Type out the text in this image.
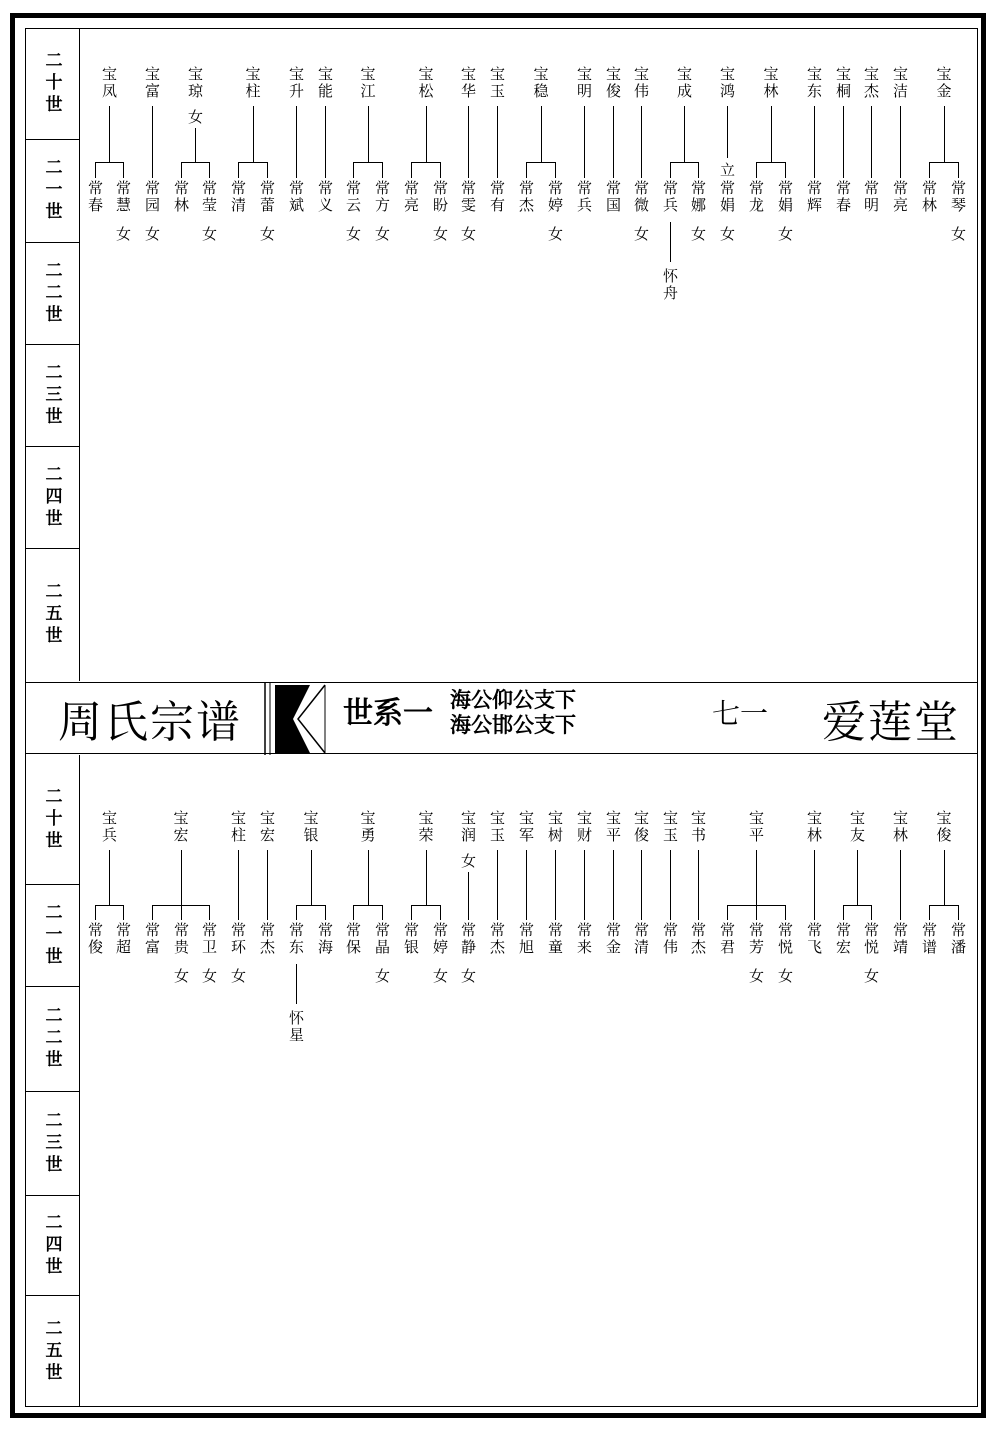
周氏宗谱	世系一 海公仰公支下
海公邯公支下	七一 爱莲堂
二十世
二一世
二二世
二三世
二四世
二五世
宝凤
常春 常慧
女
宝富
常园
女
宝琼
女
常林 常莹
女
宝柱
常清 常蕾
女
宝升
常斌
宝能
常义
宝江
常云
女
常方
女
宝松
常亮 常盼
女
宝华
常雯
女
宝玉
常有
宝稳
常杰 常婷
女
宝明
常兵
宝俊
常国
宝伟
常微
女
宝成
常兵
怀舟
常娜
女
宝鸿
立
常娟
女
宝林
常龙 常娟
女
宝东
常辉
宝桐
常春
宝杰
常明
宝洁
常亮
宝金
常林 常琴
女
二十世
二一世
二二世
二三世
二四世
二五世
宝兵
常俊 常超
宝宏
常富 常贵
女
常卫
女
宝柱
常环
女
宝宏
常杰
宝银
常东
怀星
常海
宝勇
常保 常晶
女
宝荣
常银 常婷
女
宝润
女
常静
女
宝玉
常杰
宝军
常旭
宝树
常童
宝财
常来
宝平
常金
宝俊
常清
宝玉
常伟
宝书
常杰
宝平
常君 常芳
女
常悦
女
宝林
常飞
宝友
常宏 常悦
女
宝林
常靖
宝俊
常谱 常潘
